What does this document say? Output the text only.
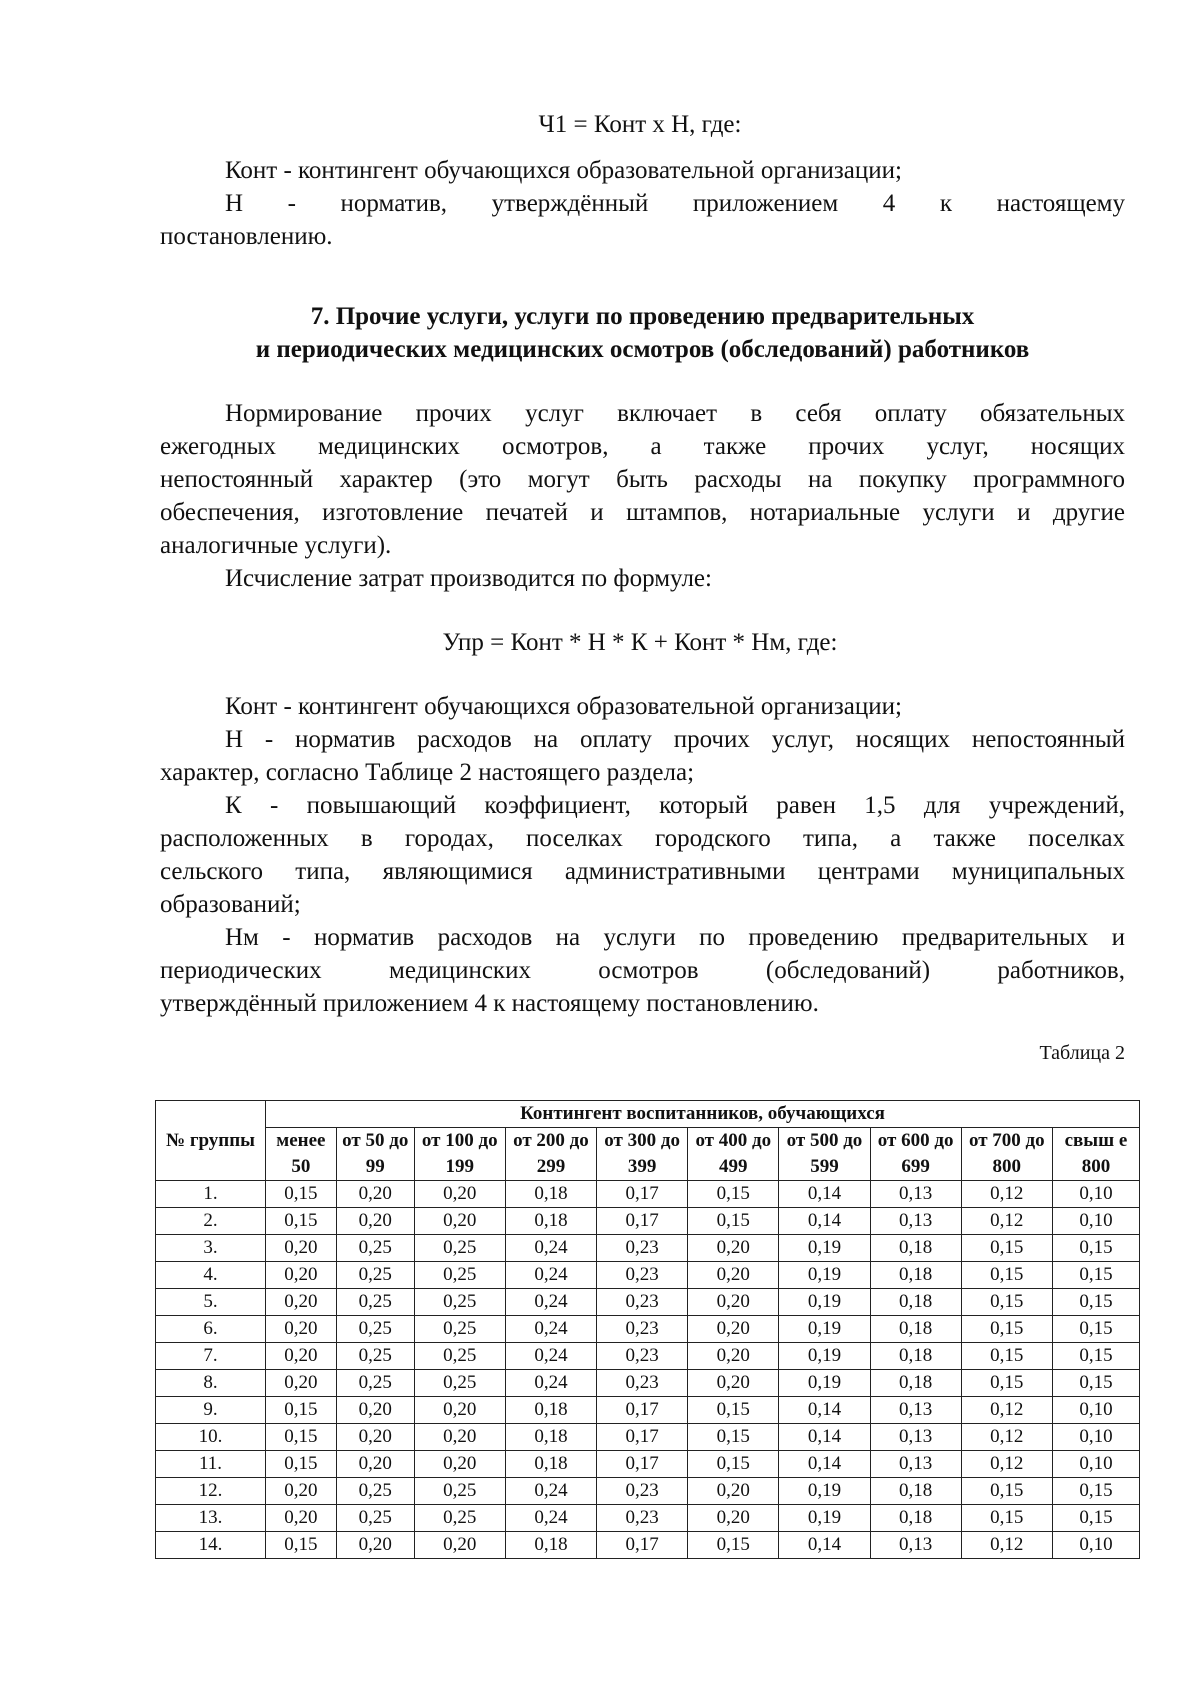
Ч1 = Конт х Н, где:
Конт - контингент обучающихся образовательной организации;
Н - норматив, утверждённый приложением 4 к настоящему
постановлению.
7. Прочие услуги, услуги по проведению предварительных
и периодических медицинских осмотров (обследований) работников
Нормирование прочих услуг включает в себя оплату обязательных
ежегодных медицинских осмотров, а также прочих услуг, носящих
непостоянный характер (это могут быть расходы на покупку программного
обеспечения, изготовление печатей и штампов, нотариальные услуги и другие
аналогичные услуги).
Исчисление затрат производится по формуле:
Упр = Конт * Н * К + Конт * Нм, где:
Конт - контингент обучающихся образовательной организации;
Н - норматив расходов на оплату прочих услуг, носящих непостоянный
характер, согласно Таблице 2 настоящего раздела;
К - повышающий коэффициент, который равен 1,5 для учреждений,
расположенных в городах, поселках городского типа, а также поселках
сельского типа, являющимися административными центрами муниципальных
образований;
Нм - норматив расходов на услуги по проведению предварительных и
периодических медицинских осмотров (обследований) работников,
утверждённый приложением 4 к настоящему постановлению.
Таблица 2
№ группы	Контингент воспитанников, обучающихся									
	менее 50	от 50 до 99	от 100 до 199	от 200 до 299	от 300 до 399	от 400 до 499	от 500 до 599	от 600 до 699	от 700 до 800	свыш е 800
1.	0,15	0,20	0,20	0,18	0,17	0,15	0,14	0,13	0,12	0,10
2.	0,15	0,20	0,20	0,18	0,17	0,15	0,14	0,13	0,12	0,10
3.	0,20	0,25	0,25	0,24	0,23	0,20	0,19	0,18	0,15	0,15
4.	0,20	0,25	0,25	0,24	0,23	0,20	0,19	0,18	0,15	0,15
5.	0,20	0,25	0,25	0,24	0,23	0,20	0,19	0,18	0,15	0,15
6.	0,20	0,25	0,25	0,24	0,23	0,20	0,19	0,18	0,15	0,15
7.	0,20	0,25	0,25	0,24	0,23	0,20	0,19	0,18	0,15	0,15
8.	0,20	0,25	0,25	0,24	0,23	0,20	0,19	0,18	0,15	0,15
9.	0,15	0,20	0,20	0,18	0,17	0,15	0,14	0,13	0,12	0,10
10.	0,15	0,20	0,20	0,18	0,17	0,15	0,14	0,13	0,12	0,10
11.	0,15	0,20	0,20	0,18	0,17	0,15	0,14	0,13	0,12	0,10
12.	0,20	0,25	0,25	0,24	0,23	0,20	0,19	0,18	0,15	0,15
13.	0,20	0,25	0,25	0,24	0,23	0,20	0,19	0,18	0,15	0,15
14.	0,15	0,20	0,20	0,18	0,17	0,15	0,14	0,13	0,12	0,10
